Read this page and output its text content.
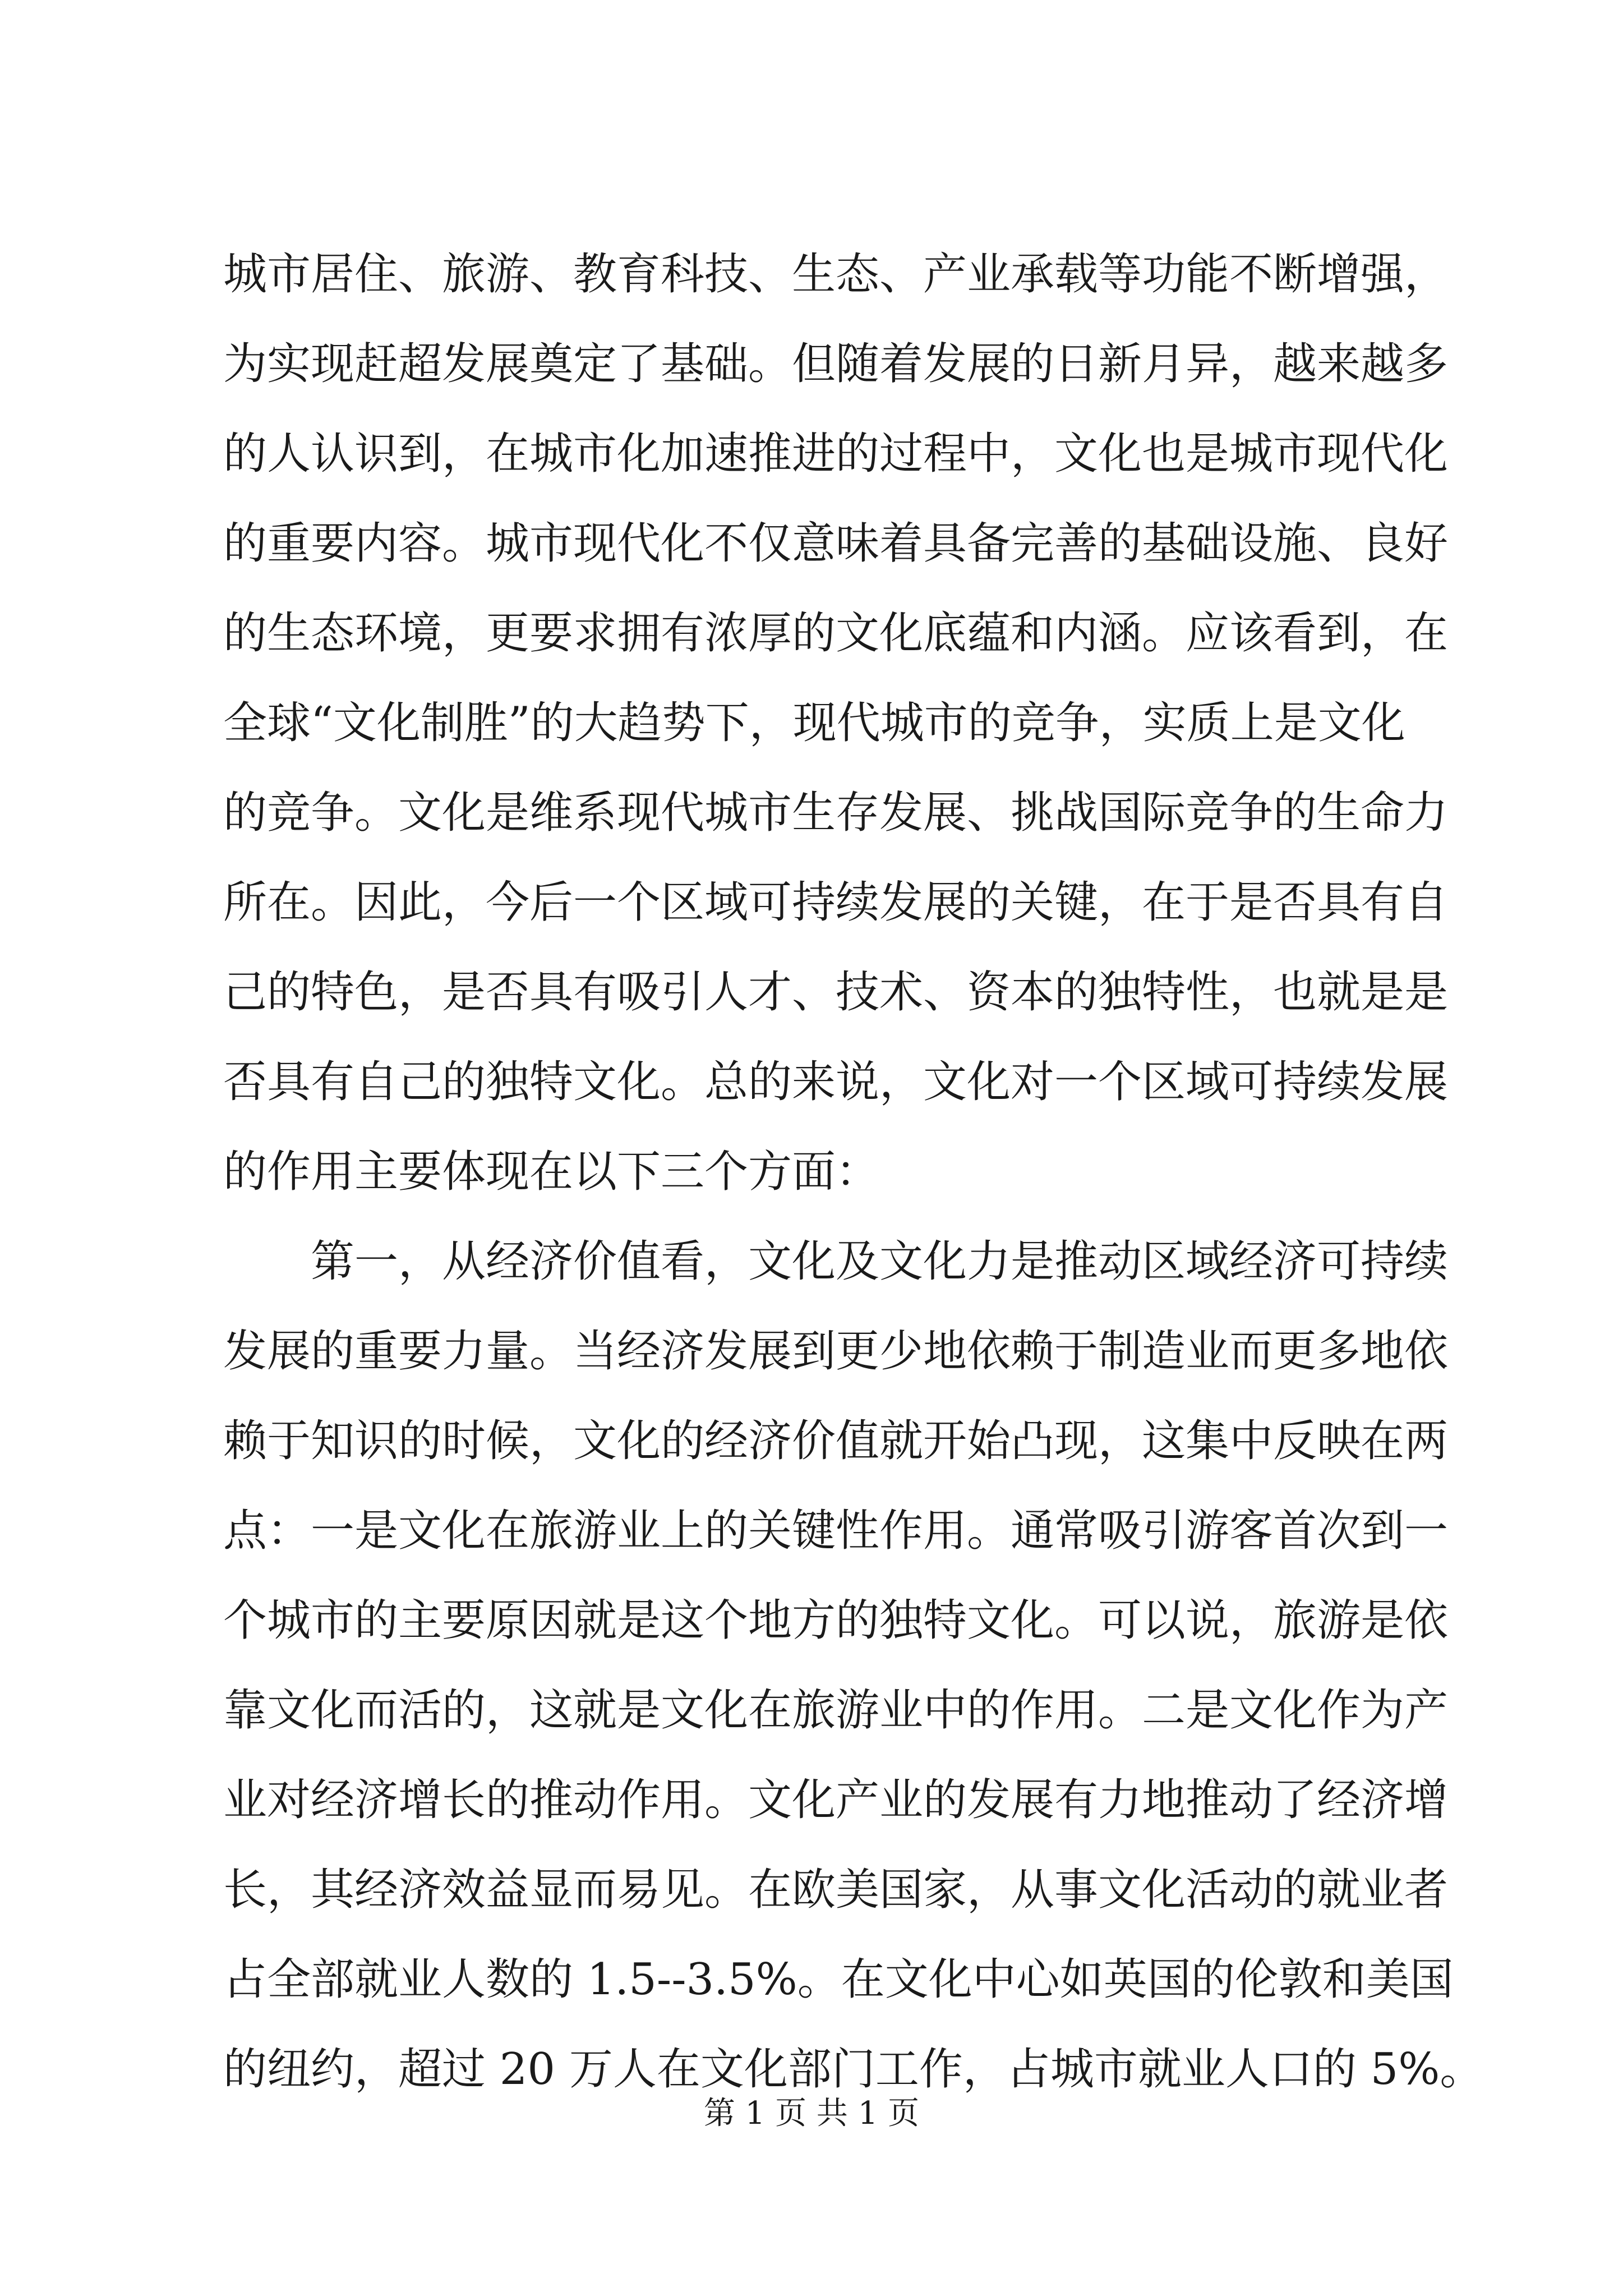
城市居住、旅游、教育科技、生态、产业承载等功能不断增强，
为实现赶超发展奠定了基础。但随着发展的日新月异，越来越多
的人认识到，在城市化加速推进的过程中，文化也是城市现代化
的重要内容。城市现代化不仅意味着具备完善的基础设施、良好
的生态环境，更要求拥有浓厚的文化底蕴和内涵。应该看到，在
全球“文化制胜”的大趋势下，现代城市的竞争，实质上是文化
的竞争。文化是维系现代城市生存发展、挑战国际竞争的生命力
所在。因此，今后一个区域可持续发展的关键，在于是否具有自
己的特色，是否具有吸引人才、技术、资本的独特性，也就是是
否具有自己的独特文化。总的来说，文化对一个区域可持续发展
的作用主要体现在以下三个方面：
第一，从经济价值看，文化及文化力是推动区域经济可持续
发展的重要力量。当经济发展到更少地依赖于制造业而更多地依
赖于知识的时候，文化的经济价值就开始凸现，这集中反映在两
点：一是文化在旅游业上的关键性作用。通常吸引游客首次到一
个城市的主要原因就是这个地方的独特文化。可以说，旅游是依
靠文化而活的，这就是文化在旅游业中的作用。二是文化作为产
业对经济增长的推动作用。文化产业的发展有力地推动了经济增
长，其经济效益显而易见。在欧美国家，从事文化活动的就业者
占全部就业人数的 1.5--3.5%。在文化中心如英国的伦敦和美国
的纽约，超过 20 万人在文化部门工作，占城市就业人口的 5%。
第 1 页 共 1 页
